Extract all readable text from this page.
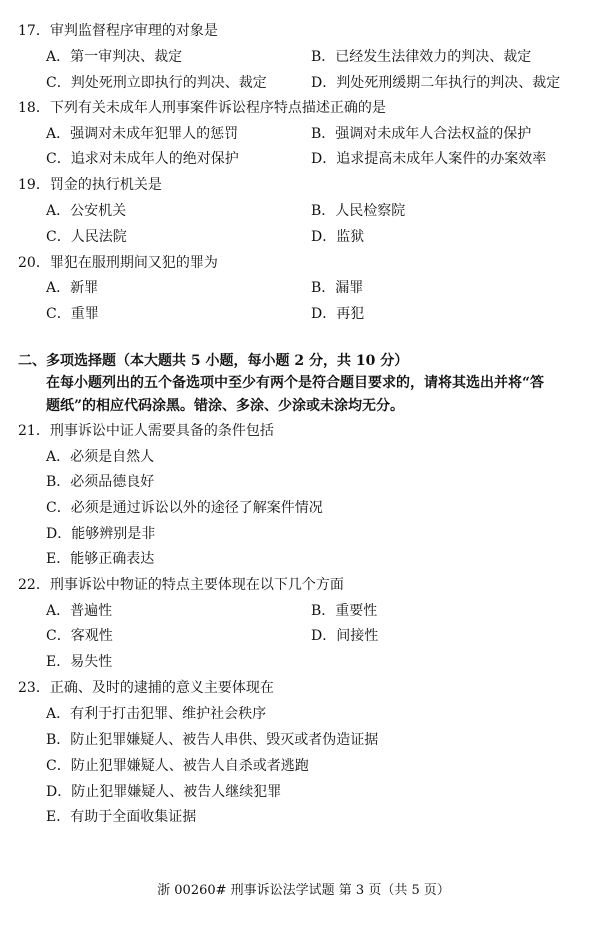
17．审判监督程序审理的对象是
A．第一审判决、裁定	B．已经发生法律效力的判决、裁定
C．判处死刑立即执行的判决、裁定	D．判处死刑缓期二年执行的判决、裁定
18．下列有关未成年人刑事案件诉讼程序特点描述正确的是
A．强调对未成年犯罪人的惩罚	B．强调对未成年人合法权益的保护
C．追求对未成年人的绝对保护	D．追求提高未成年人案件的办案效率
19．罚金的执行机关是
A．公安机关	B．人民检察院
C．人民法院	D．监狱
20．罪犯在服刑期间又犯的罪为
A．新罪	B．漏罪
C．重罪	D．再犯
二、多项选择题（本大题共 5 小题，每小题 2 分，共 10 分）
在每小题列出的五个备选项中至少有两个是符合题目要求的，请将其选出并将“答
题纸”的相应代码涂黑。错涂、多涂、少涂或未涂均无分。
21．刑事诉讼中证人需要具备的条件包括
A．必须是自然人
B．必须品德良好
C．必须是通过诉讼以外的途径了解案件情况
D．能够辨别是非
E．能够正确表达
22．刑事诉讼中物证的特点主要体现在以下几个方面
A．普遍性	B．重要性
C．客观性	D．间接性
E．易失性
23．正确、及时的逮捕的意义主要体现在
A．有利于打击犯罪、维护社会秩序
B．防止犯罪嫌疑人、被告人串供、毁灭或者伪造证据
C．防止犯罪嫌疑人、被告人自杀或者逃跑
D．防止犯罪嫌疑人、被告人继续犯罪
E．有助于全面收集证据
浙 00260# 刑事诉讼法学试题 第 3 页（共 5 页）
